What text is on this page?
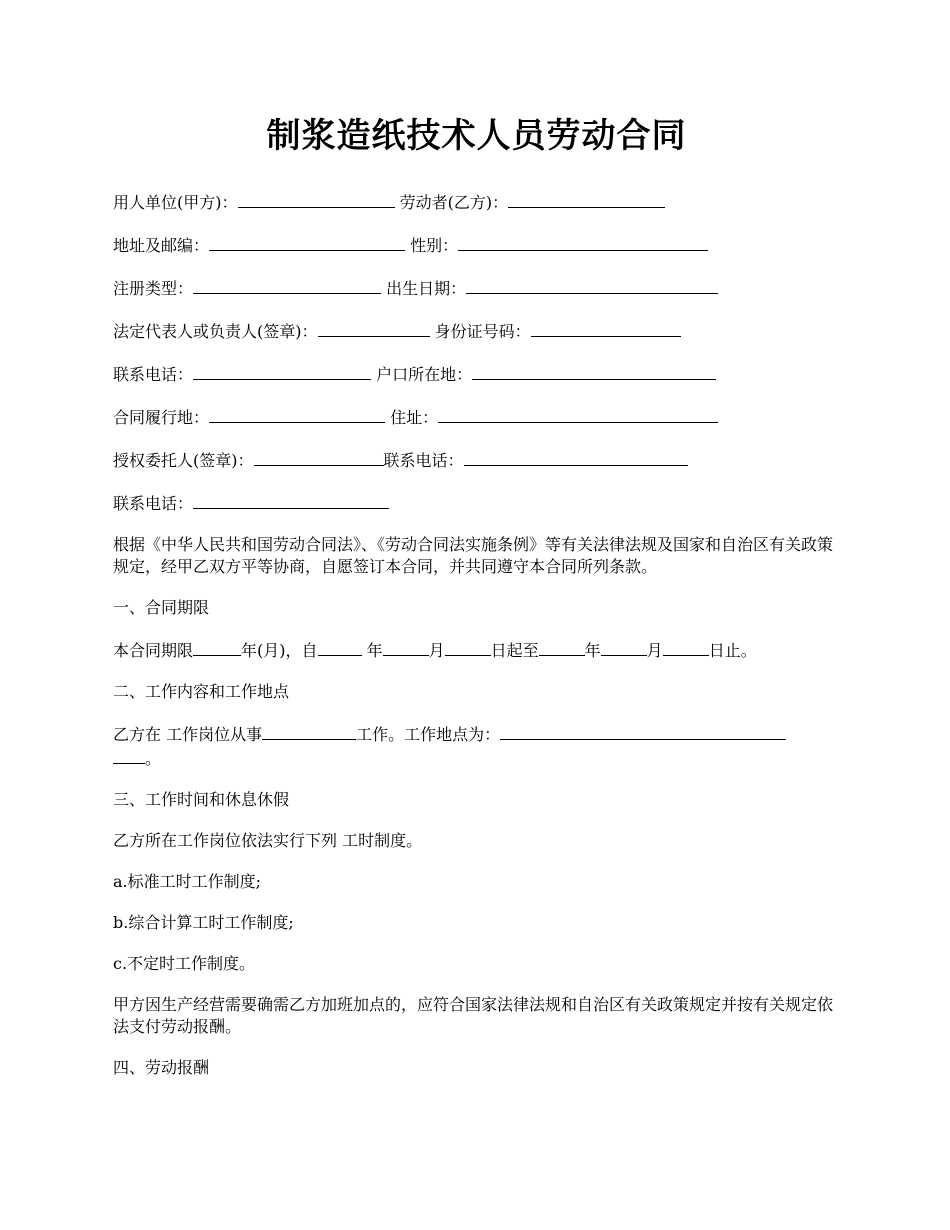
制浆造纸技术人员劳动合同
用人单位(甲方)：	劳动者(乙方)：
地址及邮编：	性别：
注册类型：	出生日期：
法定代表人或负责人(签章)：	身份证号码：
联系电话：	户口所在地：
合同履行地：	住址：
授权委托人(签章)：	联系电话：
联系电话：
根据《中华人民共和国劳动合同法》、《劳动合同法实施条例》等有关法律法规及国家和自治区有关政策规定，经甲乙双方平等协商，自愿签订本合同，并共同遵守本合同所列条款。
一、合同期限
本合同期限	年(月)，自	年	月	日起至	年	月	日止。
二、工作内容和工作地点
乙方在 工作岗位从事	工作。工作地点为：
。
三、工作时间和休息休假
乙方所在工作岗位依法实行下列 工时制度。
a.标准工时工作制度;
b.综合计算工时工作制度;
c.不定时工作制度。
甲方因生产经营需要确需乙方加班加点的，应符合国家法律法规和自治区有关政策规定并按有关规定依法支付劳动报酬。
四、劳动报酬
